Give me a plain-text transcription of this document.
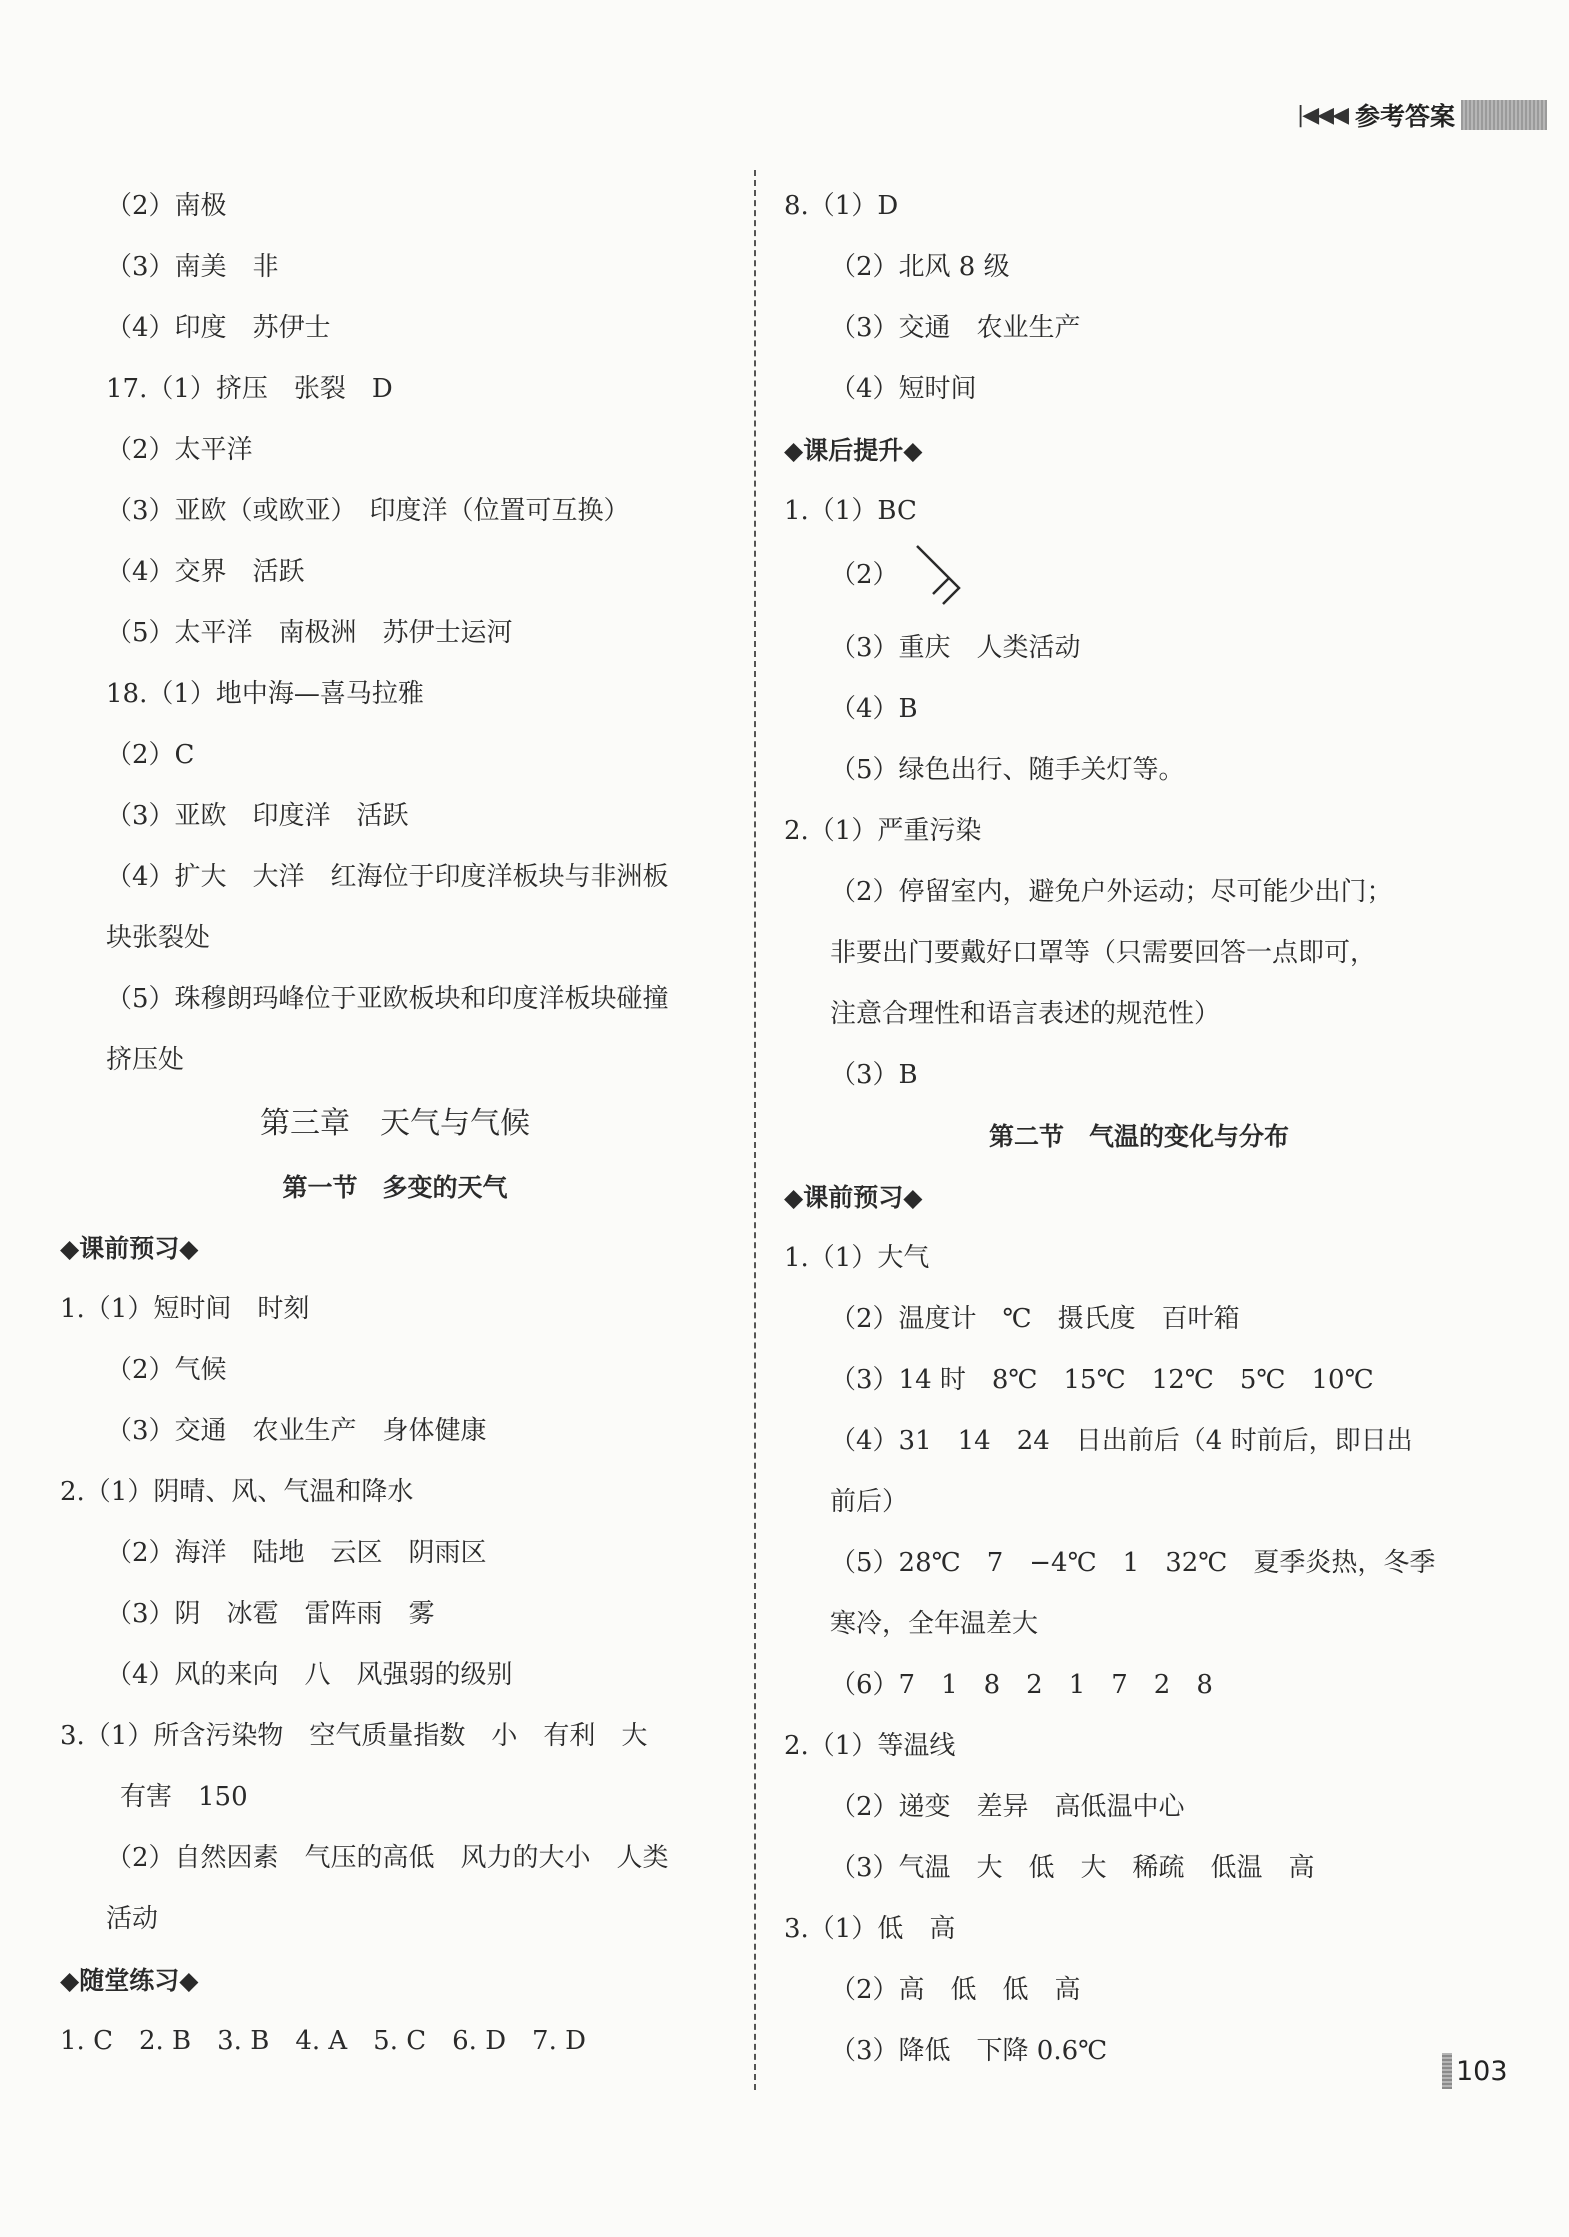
|◀◀◀ 参考答案
（2）南极
（3）南美　非
（4）印度　苏伊士
17.（1）挤压　张裂　D
（2）太平洋
（3）亚欧（或欧亚）　印度洋（位置可互换）
（4）交界　活跃
（5）太平洋　南极洲　苏伊士运河
18.（1）地中海—喜马拉雅
（2）C
（3）亚欧　印度洋　活跃
（4）扩大　大洋　红海位于印度洋板块与非洲板
块张裂处
（5）珠穆朗玛峰位于亚欧板块和印度洋板块碰撞
挤压处
第三章　天气与气候
第一节　多变的天气
◆课前预习◆
1.（1）短时间　时刻
（2）气候
（3）交通　农业生产　身体健康
2.（1）阴晴、风、气温和降水
（2）海洋　陆地　云区　阴雨区
（3）阴　冰雹　雷阵雨　雾
（4）风的来向　八　风强弱的级别
3.（1）所含污染物　空气质量指数　小　有利　大
有害　150
（2）自然因素　气压的高低　风力的大小　人类
活动
◆随堂练习◆
1. C　2. B　3. B　4. A　5. C　6. D　7. D
8.（1）D
（2）北风 8 级
（3）交通　农业生产
（4）短时间
◆课后提升◆
1.（1）BC
（2）
（3）重庆　人类活动
（4）B
（5）绿色出行、随手关灯等。
2.（1）严重污染
（2）停留室内，避免户外运动；尽可能少出门；
非要出门要戴好口罩等（只需要回答一点即可，
注意合理性和语言表述的规范性）
（3）B
第二节　气温的变化与分布
◆课前预习◆
1.（1）大气
（2）温度计　℃　摄氏度　百叶箱
（3）14 时　8℃　15℃　12℃　5℃　10℃
（4）31　14　24　日出前后（4 时前后，即日出
前后）
（5）28℃　7　−4℃　1　32℃　夏季炎热，冬季
寒冷，全年温差大
（6）7　1　8　2　1　7　2　8
2.（1）等温线
（2）递变　差异　高低温中心
（3）气温　大　低　大　稀疏　低温　高
3.（1）低　高
（2）高　低　低　高
（3）降低　下降 0.6℃
103
